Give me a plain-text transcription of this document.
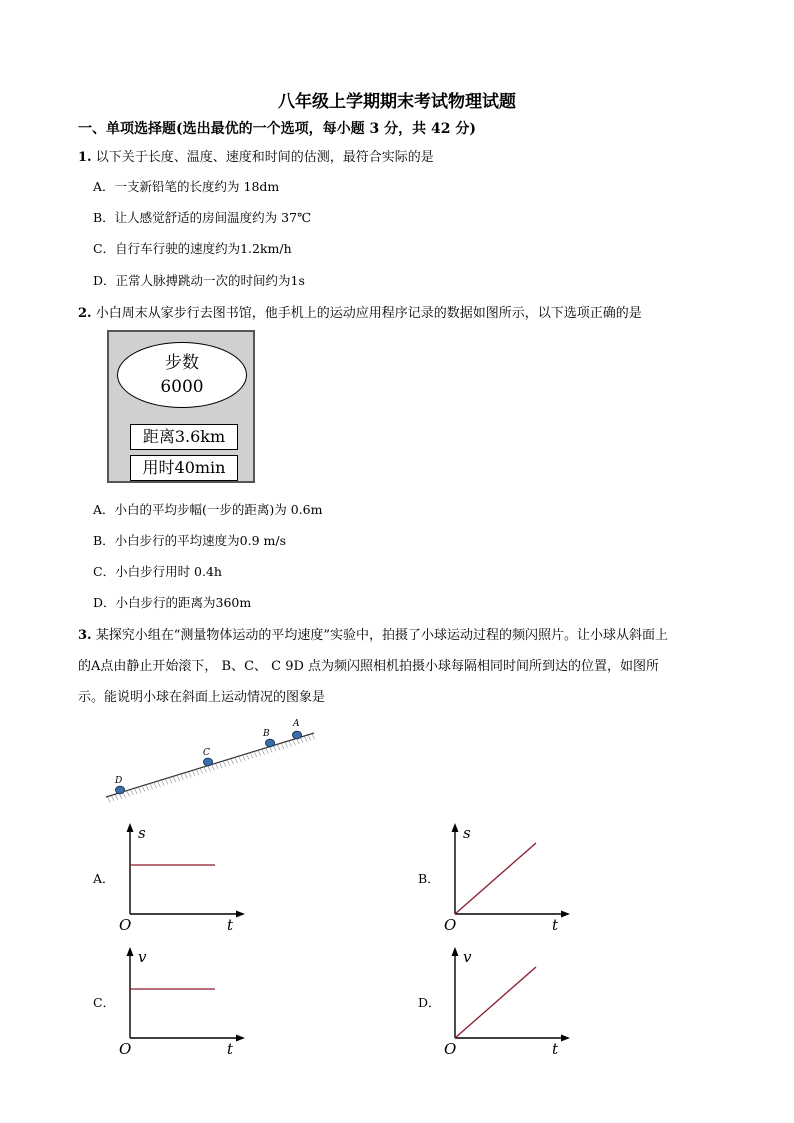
八年级上学期期末考试物理试题
一、单项选择题(选出最优的一个选项，每小题 3 分，共 42 分)
1. 以下关于长度、温度、速度和时间的估测，最符合实际的是
A．一支新铅笔的长度约为 18dm
B．让人感觉舒适的房间温度约为 37℃
C．自行车行驶的速度约为1.2km/h
D．正常人脉搏跳动一次的时间约为1s
2. 小白周末从家步行去图书馆，他手机上的运动应用程序记录的数据如图所示，以下选项正确的是
步数
6000
距离3.6km
用时40min
A．小白的平均步幅(一步的距离)为 0.6m
B．小白步行的平均速度为0.9 m/s
C．小白步行用时 0.4h
D．小白步行的距离为360m
3. 某探究小组在“测量物体运动的平均速度”实验中，拍摄了小球运动过程的频闪照片。让小球从斜面上
的A点由静止开始滚下， B、C、 C 9D 点为频闪照相机拍摄小球每隔相同时间所到达的位置，如图所
示。能说明小球在斜面上运动情况的图象是
A
B
C
D
A．	B．
C．	D．
s
t
O
s
t
O
v
t
O
v
t
O
